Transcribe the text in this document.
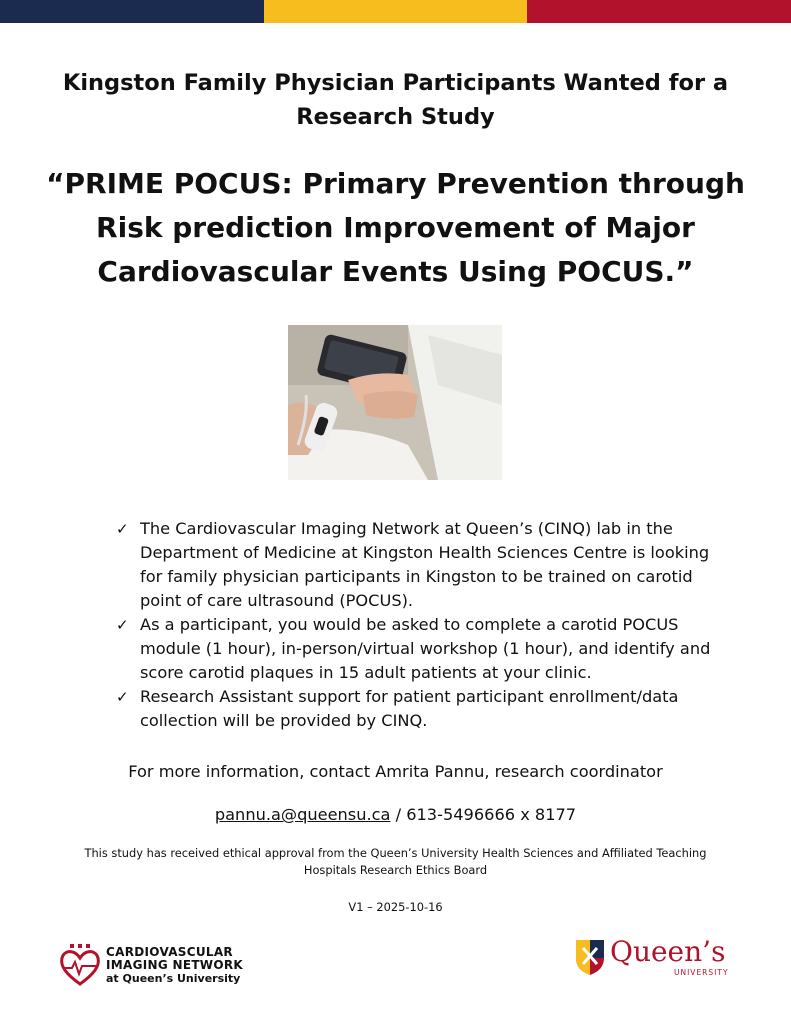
Kingston Family Physician Participants Wanted for a Research Study
“PRIME POCUS: Primary Prevention through Risk prediction Improvement of Major Cardiovascular Events Using POCUS.”
✓ The Cardiovascular Imaging Network at Queen’s (CINQ) lab in the Department of Medicine at Kingston Health Sciences Centre is looking for family physician participants in Kingston to be trained on carotid point of care ultrasound (POCUS).
✓ As a participant, you would be asked to complete a carotid POCUS module (1 hour), in-person/virtual workshop (1 hour), and identify and score carotid plaques in 15 adult patients at your clinic.
✓ Research Assistant support for patient participant enrollment/data collection will be provided by CINQ.

For more information, contact Amrita Pannu, research coordinator

pannu.a@queensu.ca / 613-5496666 x 8177

This study has received ethical approval from the Queen’s University Health Sciences and Affiliated Teaching Hospitals Research Ethics Board

V1 – 2025-10-16

CARDIOVASCULAR
IMAGING NETWORK
at Queen’s University
Queen’s
UNIVERSITY
